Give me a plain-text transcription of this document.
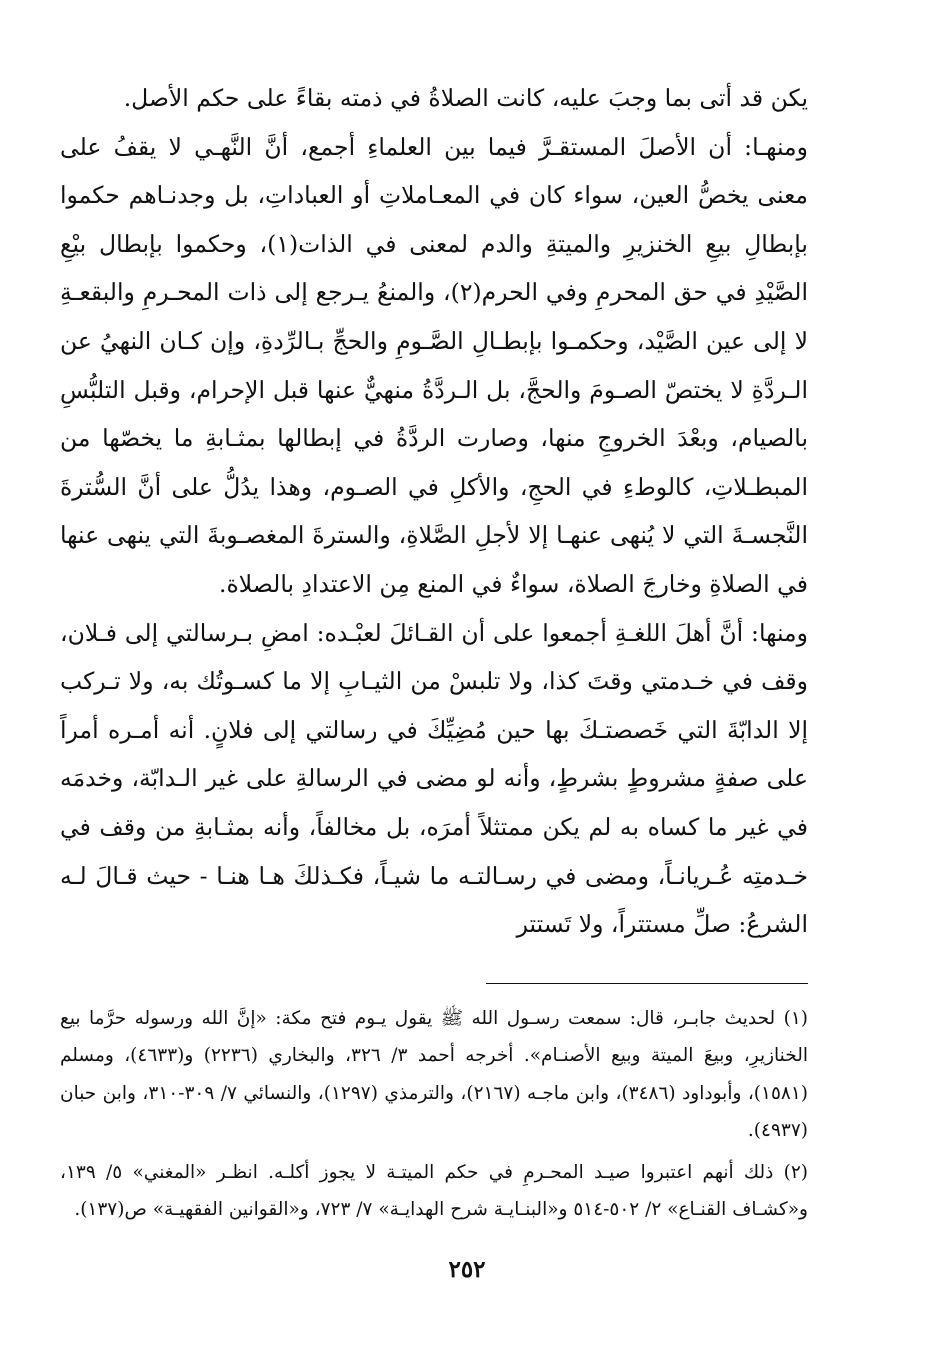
يكن قد أتى بما وجبَ عليه، كانت الصلاةُ في ذمته بقاءً على حكم الأصل.

ومنهـا: أن الأصلَ المستقـرَّ فيما بين العلماءِ أجمع، أنَّ النَّهـي لا يقفُ على معنى يخصُّ العين، سواء كان في المعـاملاتِ أو العباداتِ، بل وجدنـاهم حكموا بإبطالِ بيعِ الخنزيرِ والميتةِ والدم لمعنى في الذات(١)، وحكموا بإبطال بيْعِ الصَّيْدِ في حق المحرمِ وفي الحرم(٢)، والمنعُ يـرجع إلى ذات المحـرمِ والبقعـةِ لا إلى عين الصَّيْد، وحكمـوا بإبطـالِ الصَّـومِ والحجِّ بـالرِّدةِ، وإن كـان النهيُ عن الـردَّةِ لا يختصّ الصـومَ والحجَّ، بل الـردَّةُ منهيٌّ عنها قبل الإحرام، وقبل التلبُّسِ بالصيام، وبعْدَ الخروجِ منها، وصارت الردَّةُ في إبطالها بمثـابةِ ما يخصّها من المبطـلاتِ، كالوطءِ في الحجِ، والأكلِ في الصـوم، وهذا يدُلُّ على أنَّ السُّترةَ النَّجسـةَ التي لا يُنهى عنهـا إلا لأجلِ الصَّلاةِ، والسترةَ المغصـوبةَ التي ينهى عنها في الصلاةِ وخارجَ الصلاة، سواءٌ في المنع مِن الاعتدادِ بالصلاة.

ومنها: أنَّ أهلَ اللغـةِ أجمعوا على أن القـائلَ لعبْـده: امضِ بـرسالتي إلى فـلان، وقف في خـدمتي وقتَ كذا، ولا تلبسْ من الثيـابِ إلا ما كسـوتُك به، ولا تـركب إلا الدابّةَ التي خَصصتـكَ بها حين مُضِيِّكَ في رسالتي إلى فلانٍ. أنه أمـره أمراً على صفةٍ مشروطٍ بشرطٍ، وأنه لو مضى في الرسالةِ على غير الـدابّة، وخدمَه في غير ما كساه به لم يكن ممتثلاً أمرَه، بل مخالفاً، وأنه بمثـابةِ من وقف في خـدمتِه عُـريانـاً، ومضى في رسـالتـه ما شيـاً، فكـذلكَ هـا هنـا - حيث قـالَ لـه الشرعُ: صلِّ مستتراً، ولا تَستتر

(١) لحديث جابـر، قال: سمعت رسـول الله ﷺ يقول يـوم فتح مكة: «إنَّ الله ورسوله حرَّما بيع الخنازيرِ، وبيعَ الميتة وبيع الأصنـام». أخرجه أحمد ٣/ ٣٢٦، والبخاري (٢٢٣٦) و(٤٦٣٣)، ومسلم (١٥٨١)، وأبوداود (٣٤٨٦)، وابن ماجـه (٢١٦٧)، والترمذي (١٢٩٧)، والنسائي ٧/ ٣٠٩-٣١٠، وابن حبان (٤٩٣٧).

(٢) ذلك أنهم اعتبروا صيـد المحـرمِ في حكم الميتـة لا يجوز أكلـه. انظـر «المغني» ٥/ ١٣٩، و«كشـاف القنـاع» ٢/ ٥٠٢-٥١٤ و«البنـايـة شرح الهدايـة» ٧/ ٧٢٣، و«القوانين الفقهيـة» ص(١٣٧).

٢٥٢
